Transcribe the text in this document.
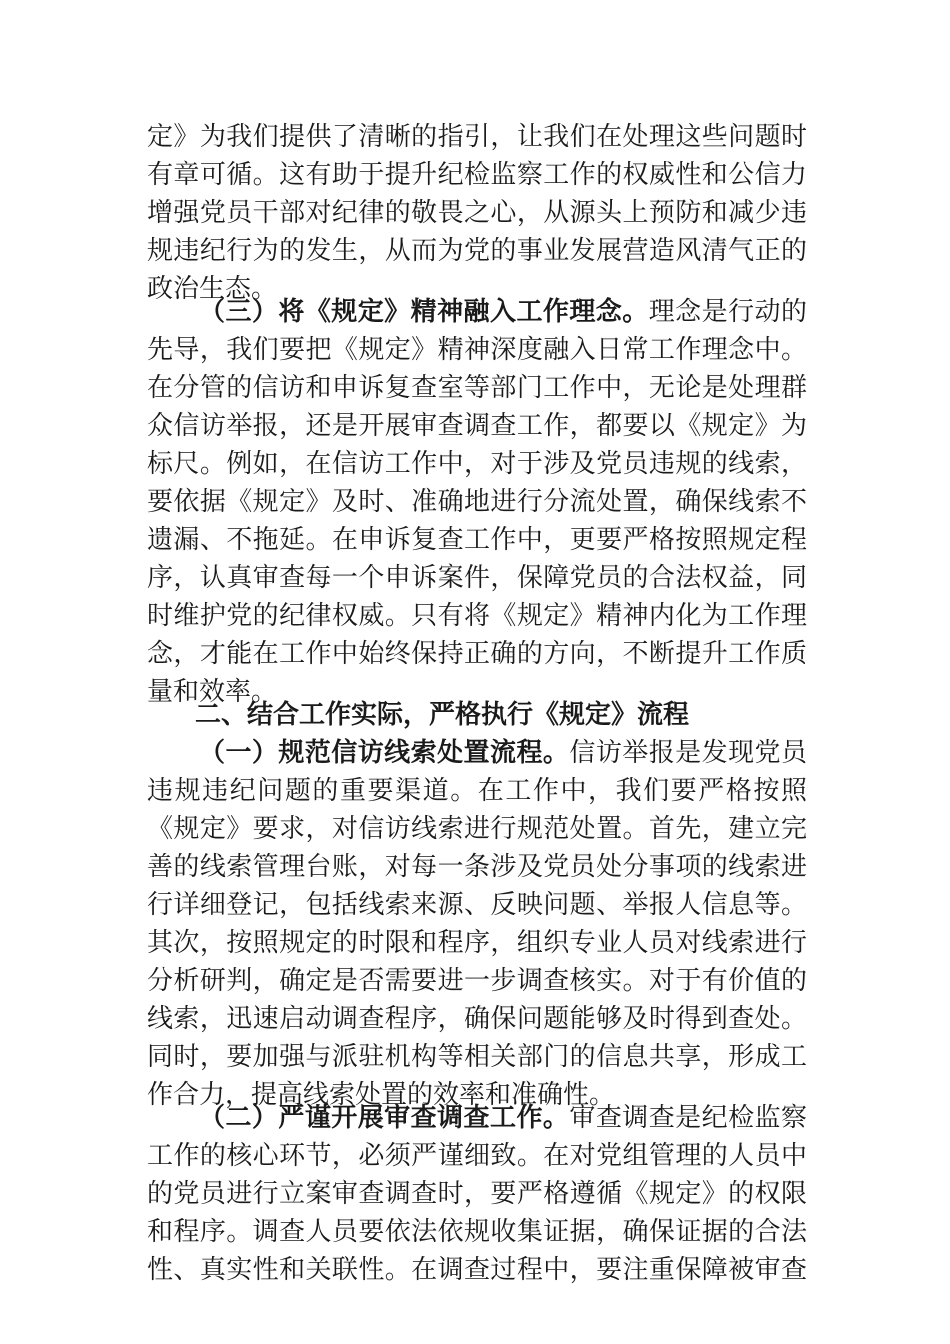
定》为我们提供了清晰的指引，让我们在处理这些问题时
有章可循。这有助于提升纪检监察工作的权威性和公信力
增强党员干部对纪律的敬畏之心，从源头上预防和减少违
规违纪行为的发生，从而为党的事业发展营造风清气正的
政治生态。
（三）将《规定》精神融入工作理念。理念是行动的
先导，我们要把《规定》精神深度融入日常工作理念中。
在分管的信访和申诉复查室等部门工作中，无论是处理群
众信访举报，还是开展审查调查工作，都要以《规定》为
标尺。例如，在信访工作中，对于涉及党员违规的线索，
要依据《规定》及时、准确地进行分流处置，确保线索不
遗漏、不拖延。在申诉复查工作中，更要严格按照规定程
序，认真审查每一个申诉案件，保障党员的合法权益，同
时维护党的纪律权威。只有将《规定》精神内化为工作理
念，才能在工作中始终保持正确的方向，不断提升工作质
量和效率。
二、结合工作实际，严格执行《规定》流程
（一）规范信访线索处置流程。信访举报是发现党员
违规违纪问题的重要渠道。在工作中，我们要严格按照
《规定》要求，对信访线索进行规范处置。首先，建立完
善的线索管理台账，对每一条涉及党员处分事项的线索进
行详细登记，包括线索来源、反映问题、举报人信息等。
其次，按照规定的时限和程序，组织专业人员对线索进行
分析研判，确定是否需要进一步调查核实。对于有价值的
线索，迅速启动调查程序，确保问题能够及时得到查处。
同时，要加强与派驻机构等相关部门的信息共享，形成工
作合力，提高线索处置的效率和准确性。
（二）严谨开展审查调查工作。审查调查是纪检监察
工作的核心环节，必须严谨细致。在对党组管理的人员中
的党员进行立案审查调查时，要严格遵循《规定》的权限
和程序。调查人员要依法依规收集证据，确保证据的合法
性、真实性和关联性。在调查过程中，要注重保障被审查
